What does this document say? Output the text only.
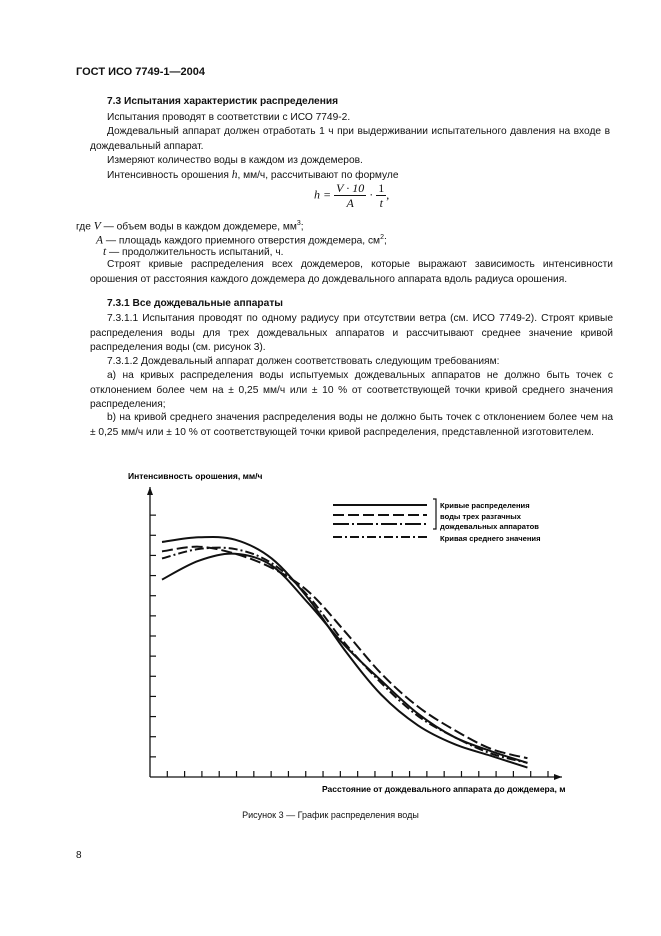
ГОСТ ИСО 7749-1—2004
7.3 Испытания характеристик распределения
Испытания проводят в соответствии с ИСО 7749-2.
Дождевальный аппарат должен отработать 1 ч при выдерживании испытательного давления на входе в дождевальный аппарат.
Измеряют количество воды в каждом из дождемеров.
Интенсивность орошения h, мм/ч, рассчитывают по формуле
$h = \frac{V \cdot 10}{A} \cdot \frac{1}{t}$ ,
где V — объем воды в каждом дождемере, $мм^3$;
A — площадь каждого приемного отверстия дождемера, $см^2$;
t — продолжительность испытаний, ч.
Строят кривые распределения всех дождемеров, которые выражают зависимость интенсивности орошения от расстояния каждого дождемера до дождевального аппарата вдоль радиуса орошения.
7.3.1 Все дождевальные аппараты
7.3.1.1 Испытания проводят по одному радиусу при отсутствии ветра (см. ИСО 7749-2). Строят кривые распределения воды для трех дождевальных аппаратов и рассчитывают среднее значение кривой распределения воды (см. рисунок 3).
7.3.1.2 Дождевальный аппарат должен соответствовать следующим требованиям:
a) на кривых распределения воды испытуемых дождевальных аппаратов не должно быть точек с отклонением более чем на ± 0,25 мм/ч или ± 10 % от соответствующей точки кривой среднего значения распределения;
b) на кривой среднего значения распределения воды не должно быть точек с отклонением более чем на ± 0,25 мм/ч или ± 10 % от соответствующей точки кривой распределения, представленной изготовителем.
Интенсивность орошения, мм/ч
Расстояние от дождевального аппарата до дождемера, м
Кривые распределения
воды трех разгачных
дождевальных аппаратов
Кривая среднего значения
Рисунок 3 — График распределения воды
8
